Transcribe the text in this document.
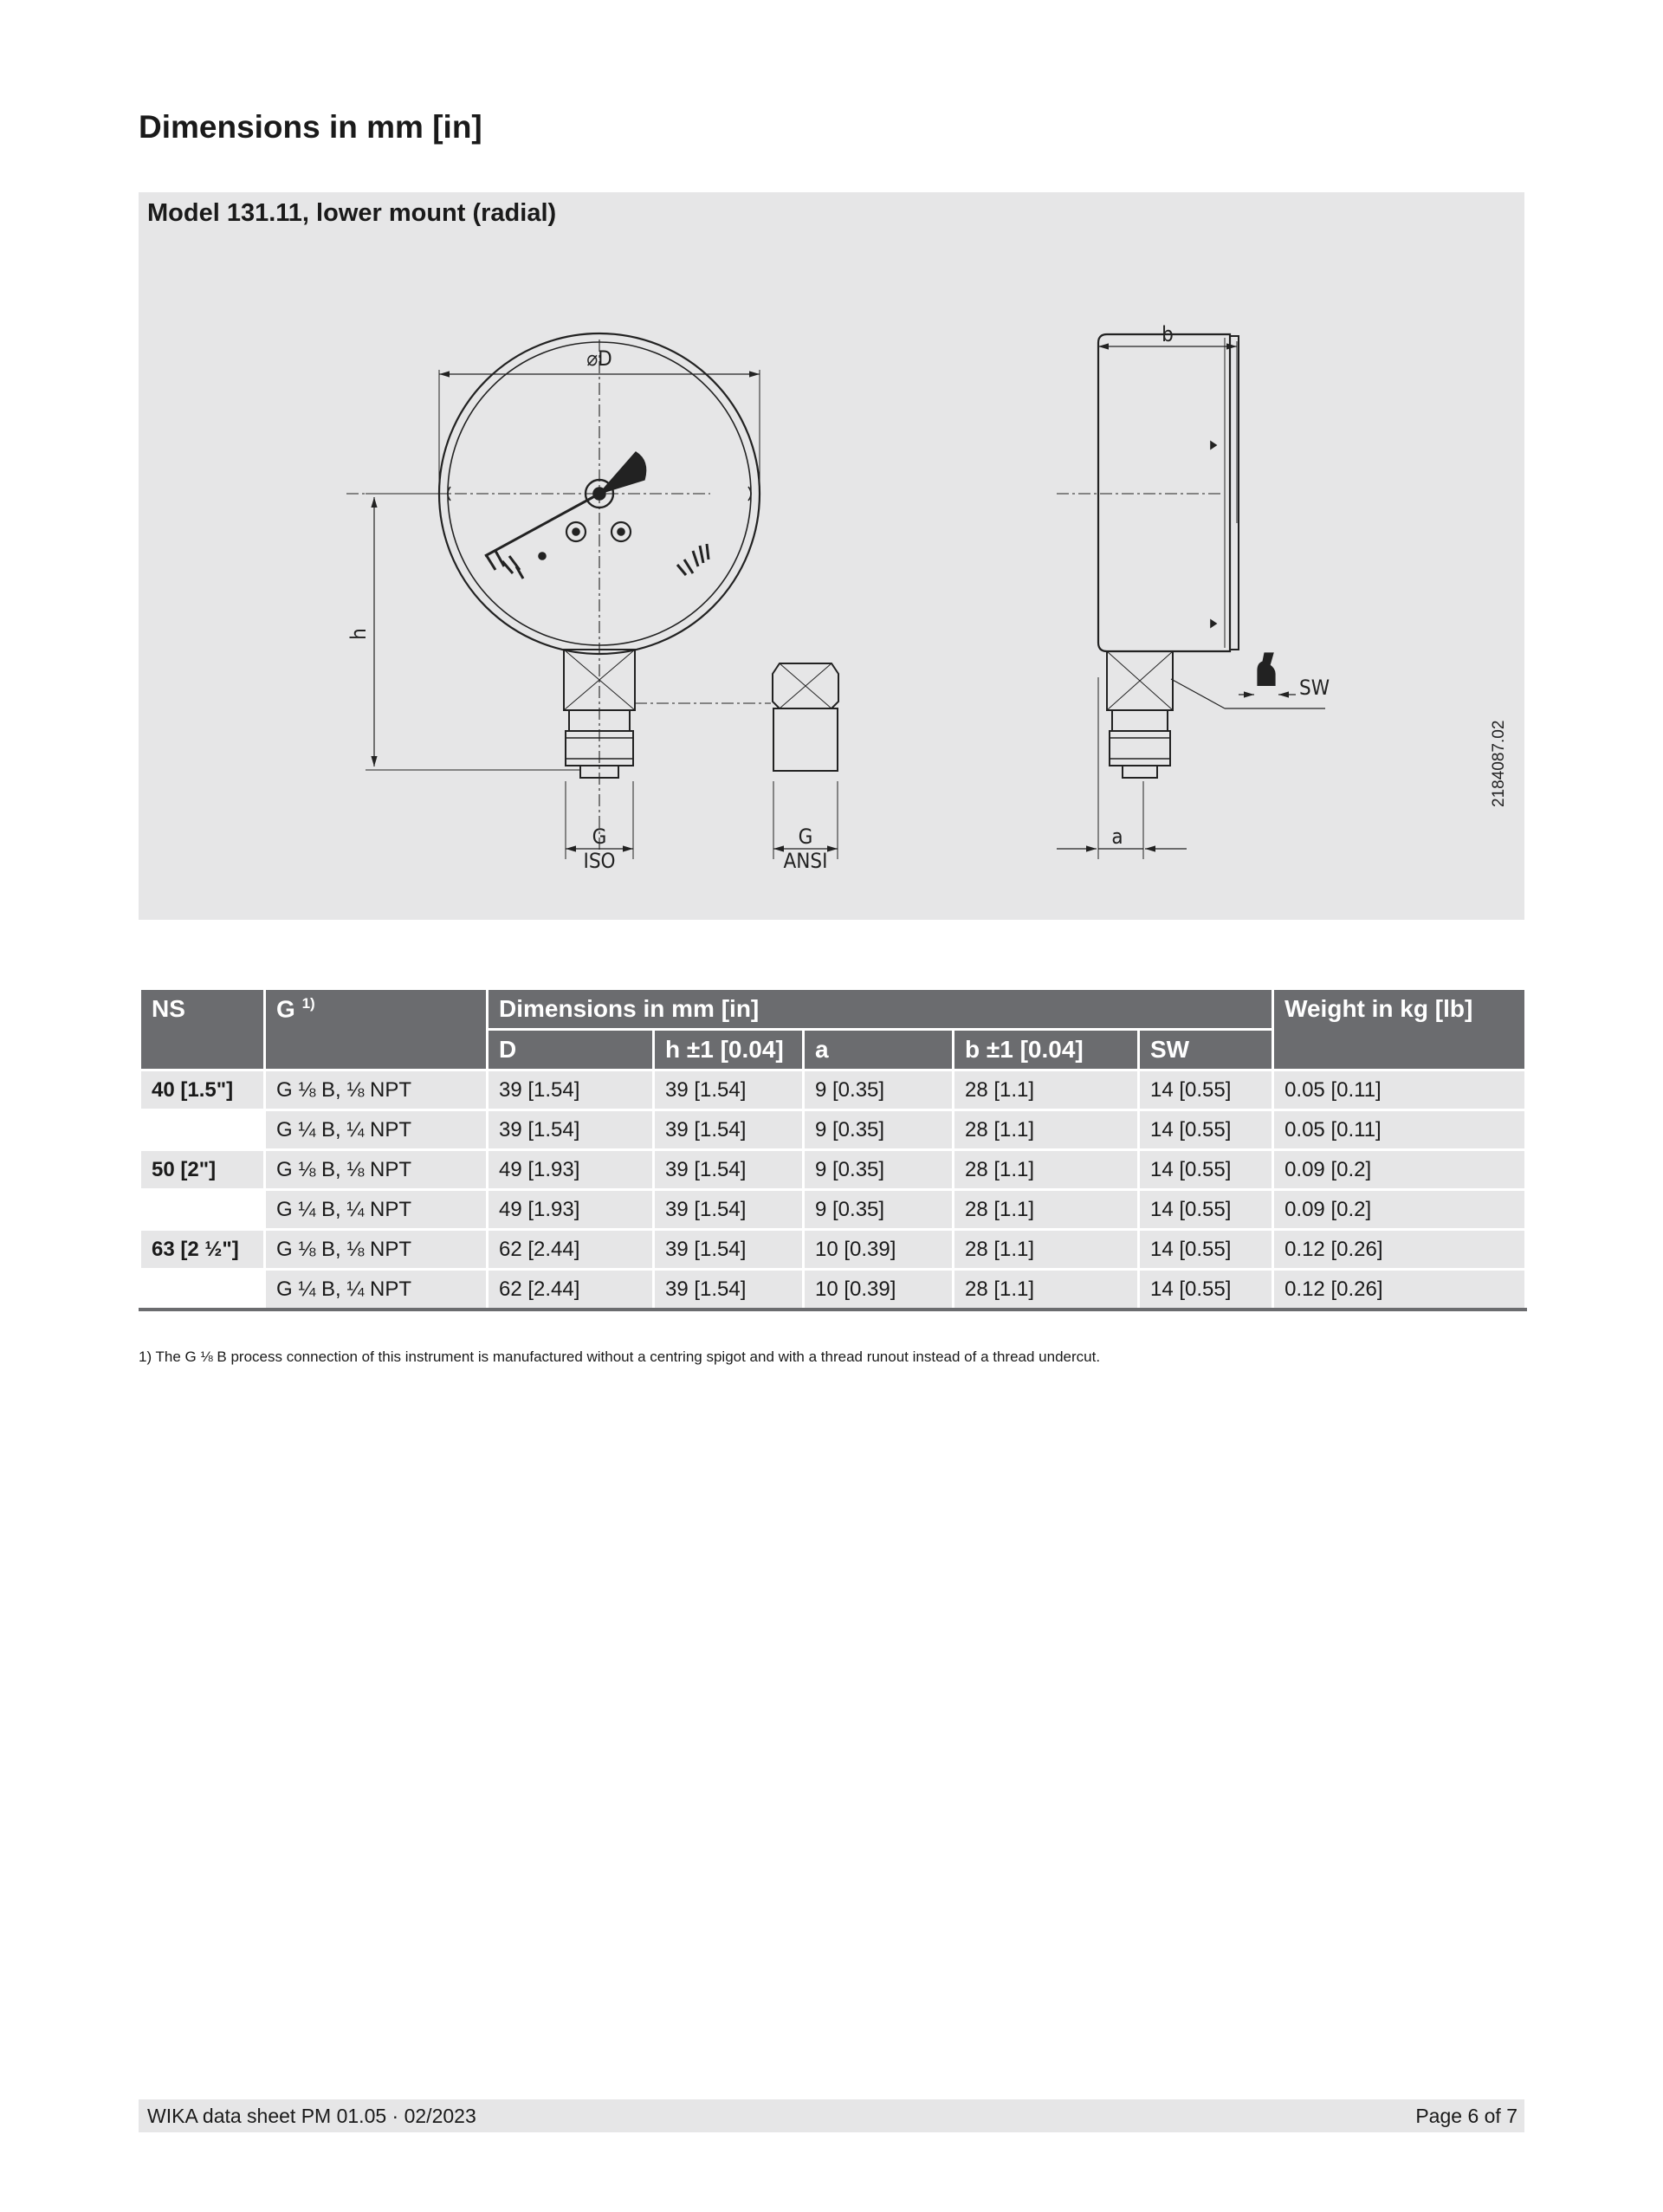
Dimensions in mm [in]
Model 131.11, lower mount (radial)
⌀D
b
h
SW
a
G
ISO
G
ANSI
2184087.02
NS	G $^{1)}$	Dimensions in mm [in]					Weight in kg [lb]
		D	h ±1 [0.04]	a	b ±1 [0.04]	SW	
40 [1.5"]	G ⅛ B, ⅛ NPT	39 [1.54]	39 [1.54]	9 [0.35]	28 [1.1]	14 [0.55]	0.05 [0.11]
	G ¼ B, ¼ NPT	39 [1.54]	39 [1.54]	9 [0.35]	28 [1.1]	14 [0.55]	0.05 [0.11]
50 [2"]	G ⅛ B, ⅛ NPT	49 [1.93]	39 [1.54]	9 [0.35]	28 [1.1]	14 [0.55]	0.09 [0.2]
	G ¼ B, ¼ NPT	49 [1.93]	39 [1.54]	9 [0.35]	28 [1.1]	14 [0.55]	0.09 [0.2]
63 [2 ½"]	G ⅛ B, ⅛ NPT	62 [2.44]	39 [1.54]	10 [0.39]	28 [1.1]	14 [0.55]	0.12 [0.26]
	G ¼ B, ¼ NPT	62 [2.44]	39 [1.54]	10 [0.39]	28 [1.1]	14 [0.55]	0.12 [0.26]
1) The G ⅛ B process connection of this instrument is manufactured without a centring spigot and with a thread runout instead of a thread undercut.
WIKA data sheet PM 01.05 · 02/2023	Page 6 of 7
